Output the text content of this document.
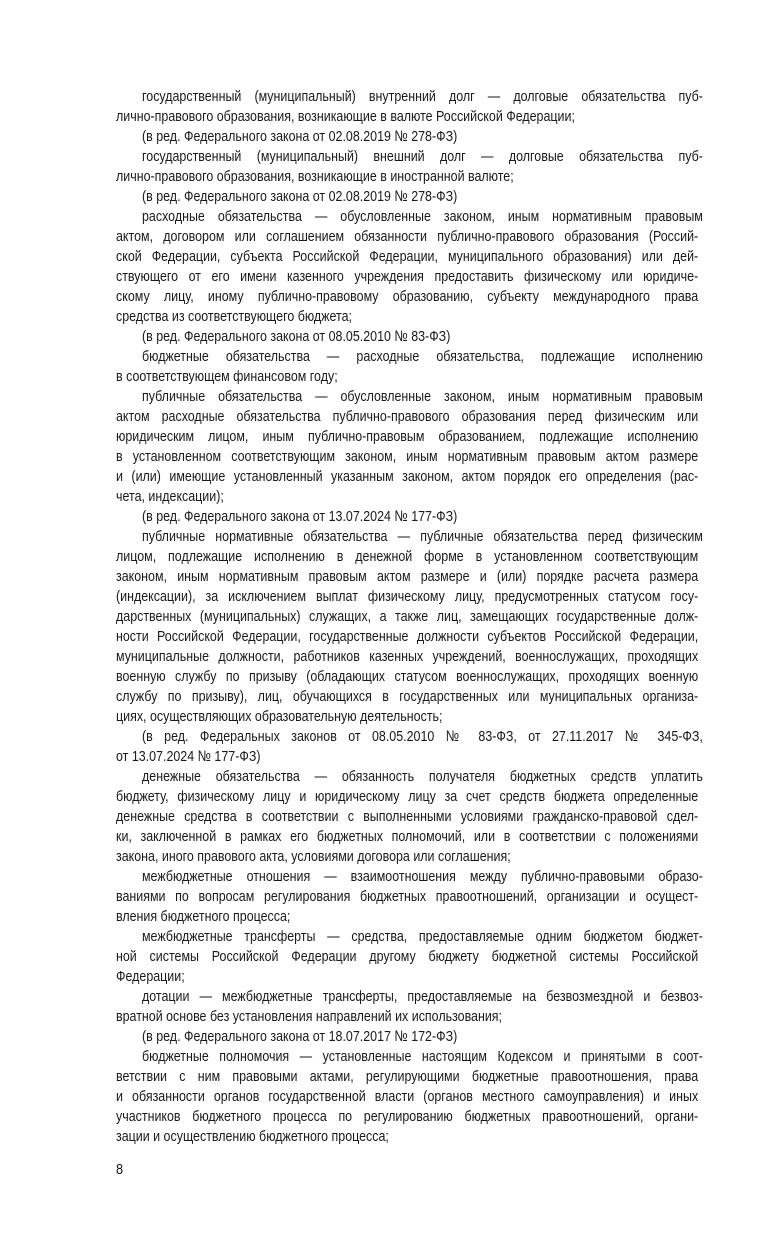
государственный (муниципальный) внутренний долг — долговые обязательства пуб-
лично-правового образования, возникающие в валюте Российской Федерации;
(в ред. Федерального закона от 02.08.2019 № 278-ФЗ)
государственный (муниципальный) внешний долг — долговые обязательства пуб-
лично-правового образования, возникающие в иностранной валюте;
(в ред. Федерального закона от 02.08.2019 № 278-ФЗ)
расходные обязательства — обусловленные законом, иным нормативным правовым
актом, договором или соглашением обязанности публично-правового образования (Россий-
ской Федерации, субъекта Российской Федерации, муниципального образования) или дей-
ствующего от его имени казенного учреждения предоставить физическому или юридиче-
скому лицу, иному публично-правовому образованию, субъекту международного права
средства из соответствующего бюджета;
(в ред. Федерального закона от 08.05.2010 № 83-ФЗ)
бюджетные обязательства — расходные обязательства, подлежащие исполнению
в соответствующем финансовом году;
публичные обязательства — обусловленные законом, иным нормативным правовым
актом расходные обязательства публично-правового образования перед физическим или
юридическим лицом, иным публично-правовым образованием, подлежащие исполнению
в установленном соответствующим законом, иным нормативным правовым актом размере
и (или) имеющие установленный указанным законом, актом порядок его определения (рас-
чета, индексации);
(в ред. Федерального закона от 13.07.2024 № 177-ФЗ)
публичные нормативные обязательства — публичные обязательства перед физическим
лицом, подлежащие исполнению в денежной форме в установленном соответствующим
законом, иным нормативным правовым актом размере и (или) порядке расчета размера
(индексации), за исключением выплат физическому лицу, предусмотренных статусом госу-
дарственных (муниципальных) служащих, а также лиц, замещающих государственные долж-
ности Российской Федерации, государственные должности субъектов Российской Федерации,
муниципальные должности, работников казенных учреждений, военнослужащих, проходящих
военную службу по призыву (обладающих статусом военнослужащих, проходящих военную
службу по призыву), лиц, обучающихся в государственных или муниципальных организа-
циях, осуществляющих образовательную деятельность;
(в ред. Федеральных законов от 08.05.2010 № 83-ФЗ, от 27.11.2017 № 345-ФЗ,
от 13.07.2024 № 177-ФЗ)
денежные обязательства — обязанность получателя бюджетных средств уплатить
бюджету, физическому лицу и юридическому лицу за счет средств бюджета определенные
денежные средства в соответствии с выполненными условиями гражданско-правовой сдел-
ки, заключенной в рамках его бюджетных полномочий, или в соответствии с положениями
закона, иного правового акта, условиями договора или соглашения;
межбюджетные отношения — взаимоотношения между публично-правовыми образо-
ваниями по вопросам регулирования бюджетных правоотношений, организации и осущест-
вления бюджетного процесса;
межбюджетные трансферты — средства, предоставляемые одним бюджетом бюджет-
ной системы Российской Федерации другому бюджету бюджетной системы Российской
Федерации;
дотации — межбюджетные трансферты, предоставляемые на безвозмездной и безвоз-
вратной основе без установления направлений их использования;
(в ред. Федерального закона от 18.07.2017 № 172-ФЗ)
бюджетные полномочия — установленные настоящим Кодексом и принятыми в соот-
ветствии с ним правовыми актами, регулирующими бюджетные правоотношения, права
и обязанности органов государственной власти (органов местного самоуправления) и иных
участников бюджетного процесса по регулированию бюджетных правоотношений, органи-
зации и осуществлению бюджетного процесса;
8
